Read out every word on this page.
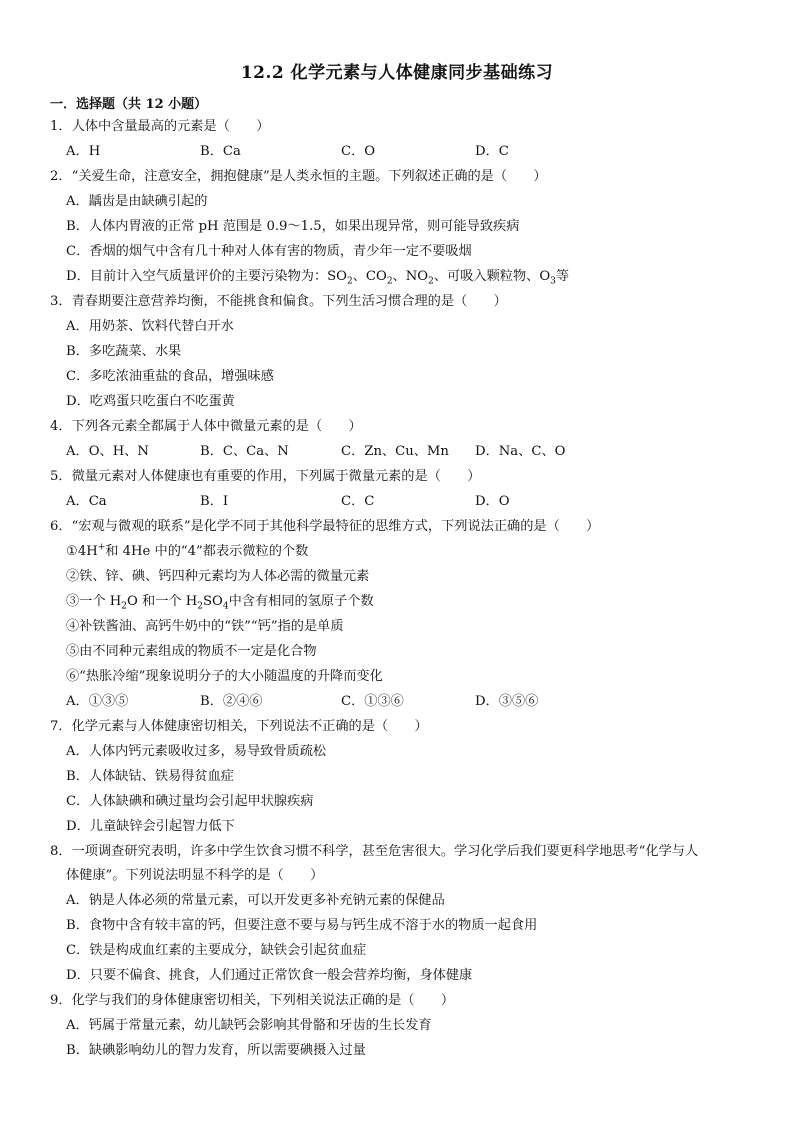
12.2 化学元素与人体健康同步基础练习
一．选择题（共 12 小题）
1．人体中含量最高的元素是（　　）
A．H	B．Ca	C．O	D．C
2．“关爱生命，注意安全，拥抱健康”是人类永恒的主题。下列叙述正确的是（　　）
A．龋齿是由缺碘引起的
B．人体内胃液的正常 pH 范围是 0.9～1.5，如果出现异常，则可能导致疾病
C．香烟的烟气中含有几十种对人体有害的物质，青少年一定不要吸烟
D．目前计入空气质量评价的主要污染物为：$SO_2$、$CO_2$、$NO_2$、可吸入颗粒物、$O_3$等
3．青春期要注意营养均衡，不能挑食和偏食。下列生活习惯合理的是（　　）
A．用奶茶、饮料代替白开水
B．多吃蔬菜、水果
C．多吃浓油重盐的食品，增强味感
D．吃鸡蛋只吃蛋白不吃蛋黄
4．下列各元素全都属于人体中微量元素的是（　　）
A．O、H、N	B．C、Ca、N	C．Zn、Cu、Mn D．Na、C、O
5．微量元素对人体健康也有重要的作用，下列属于微量元素的是（　　）
A．Ca	B．I	C．C	D．O
6．“宏观与微观的联系”是化学不同于其他科学最特征的思维方式，下列说法正确的是（　　）
①4H+和 4He 中的“4”都表示微粒的个数
②铁、锌、碘、钙四种元素均为人体必需的微量元素
③一个 $H_2O$ 和一个 $H_2SO_4$中含有相同的氢原子个数
④补铁酱油、高钙牛奶中的“铁”“钙”指的是单质
⑤由不同种元素组成的物质不一定是化合物
⑥“热胀冷缩”现象说明分子的大小随温度的升降而变化
A．①③⑤	B．②④⑥	C．①③⑥	D．③⑤⑥
7．化学元素与人体健康密切相关，下列说法不正确的是（　　）
A．人体内钙元素吸收过多，易导致骨质疏松
B．人体缺钴、铁易得贫血症
C．人体缺碘和碘过量均会引起甲状腺疾病
D．儿童缺锌会引起智力低下
8．一项调查研究表明，许多中学生饮食习惯不科学，甚至危害很大。学习化学后我们要更科学地思考“化学与人
体健康”。下列说法明显不科学的是（　　）
A．钠是人体必须的常量元素，可以开发更多补充钠元素的保健品
B．食物中含有较丰富的钙，但要注意不要与易与钙生成不溶于水的物质一起食用
C．铁是构成血红素的主要成分，缺铁会引起贫血症
D．只要不偏食、挑食，人们通过正常饮食一般会营养均衡，身体健康
9．化学与我们的身体健康密切相关，下列相关说法正确的是（　　）
A．钙属于常量元素，幼儿缺钙会影响其骨骼和牙齿的生长发育
B．缺碘影响幼儿的智力发育，所以需要碘摄入过量
